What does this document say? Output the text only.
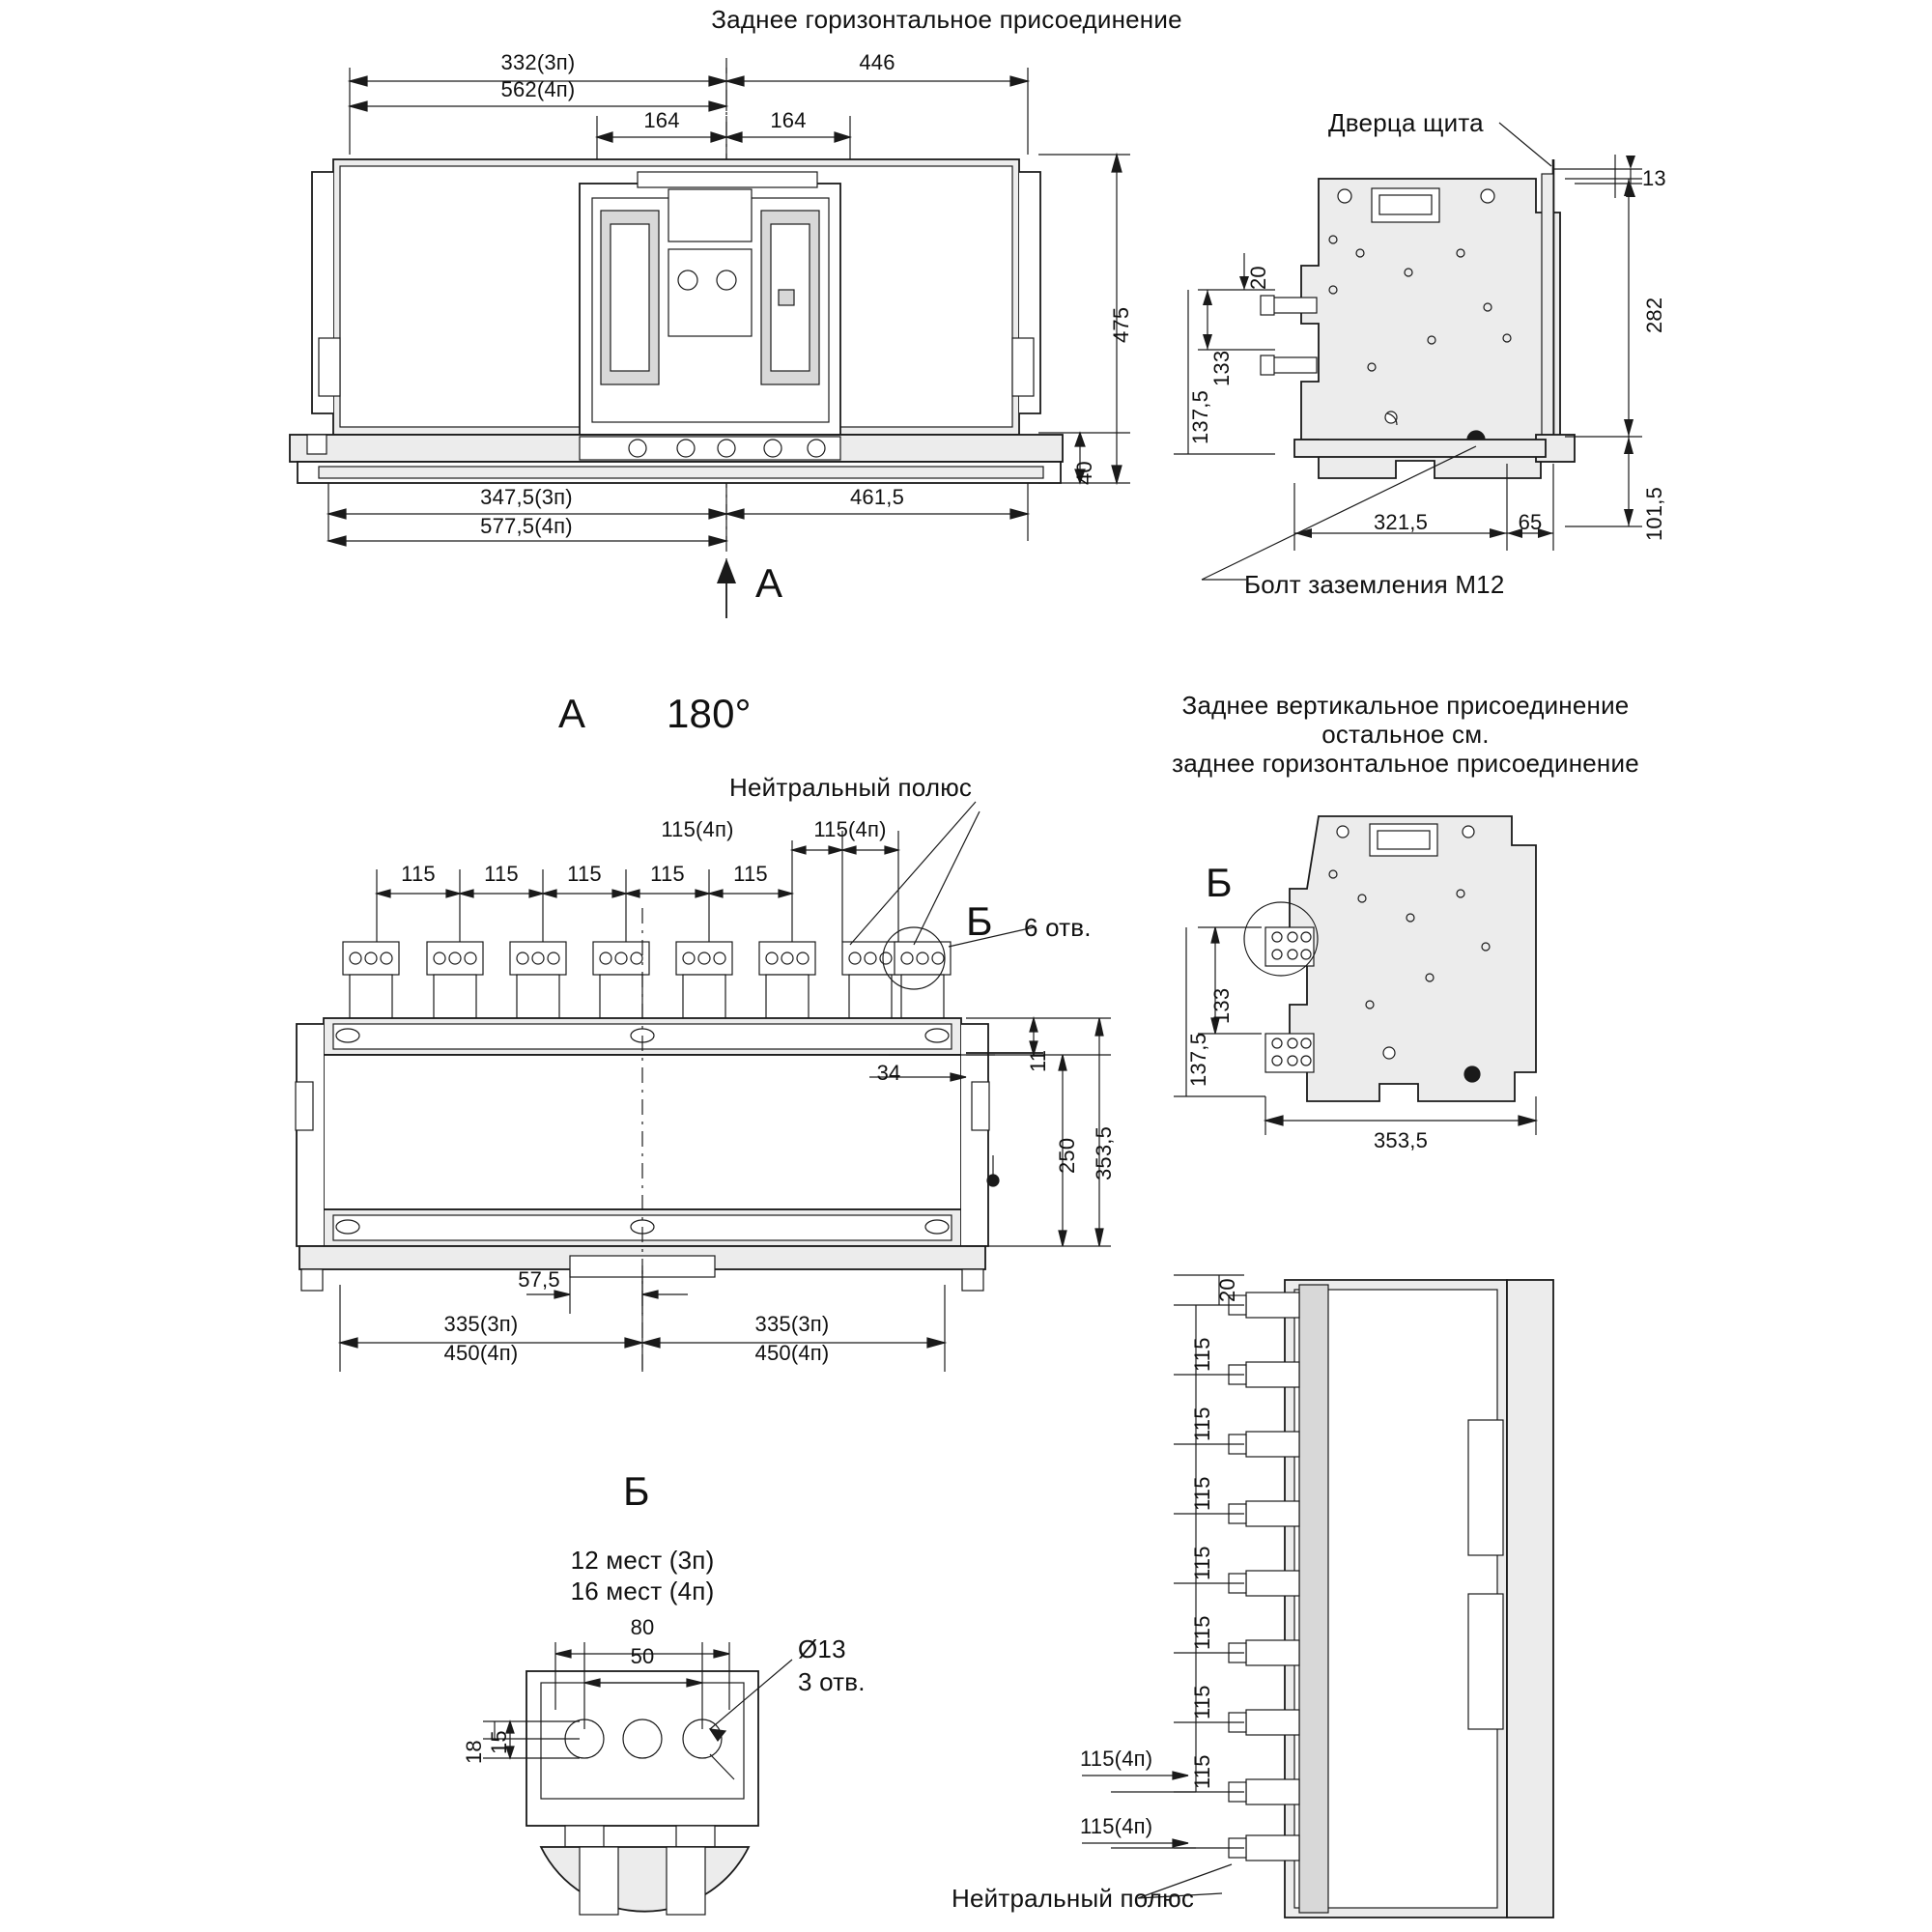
Заднее горизонтальное присоединение
332(3п)
562(4п)
446
164	164
475
40
347,5(3п)
577,5(4п)
461,5
А
Дверца щита
13
20
133
137,5
282
321,5	65	101,5
Болт заземления М12
А 180°	Заднее вертикальное присоединение
остальное см.
заднее горизонтальное присоединение
Нейтральный полюс
115(4п)	115(4п)
115 115 115 115 115
Б 6 отв.
34	11
250 353,5
57,5
335(3п)
450(4п)
335(3п)
450(4п)
Б
133
137,5
353,5
20
115
115
115
115
115
115
115
115(4п)
115(4п)
Нейтральный полюс
Б
12 мест (3п)
16 мест (4п)
80
50	Ø13
3 отв.
18 15
